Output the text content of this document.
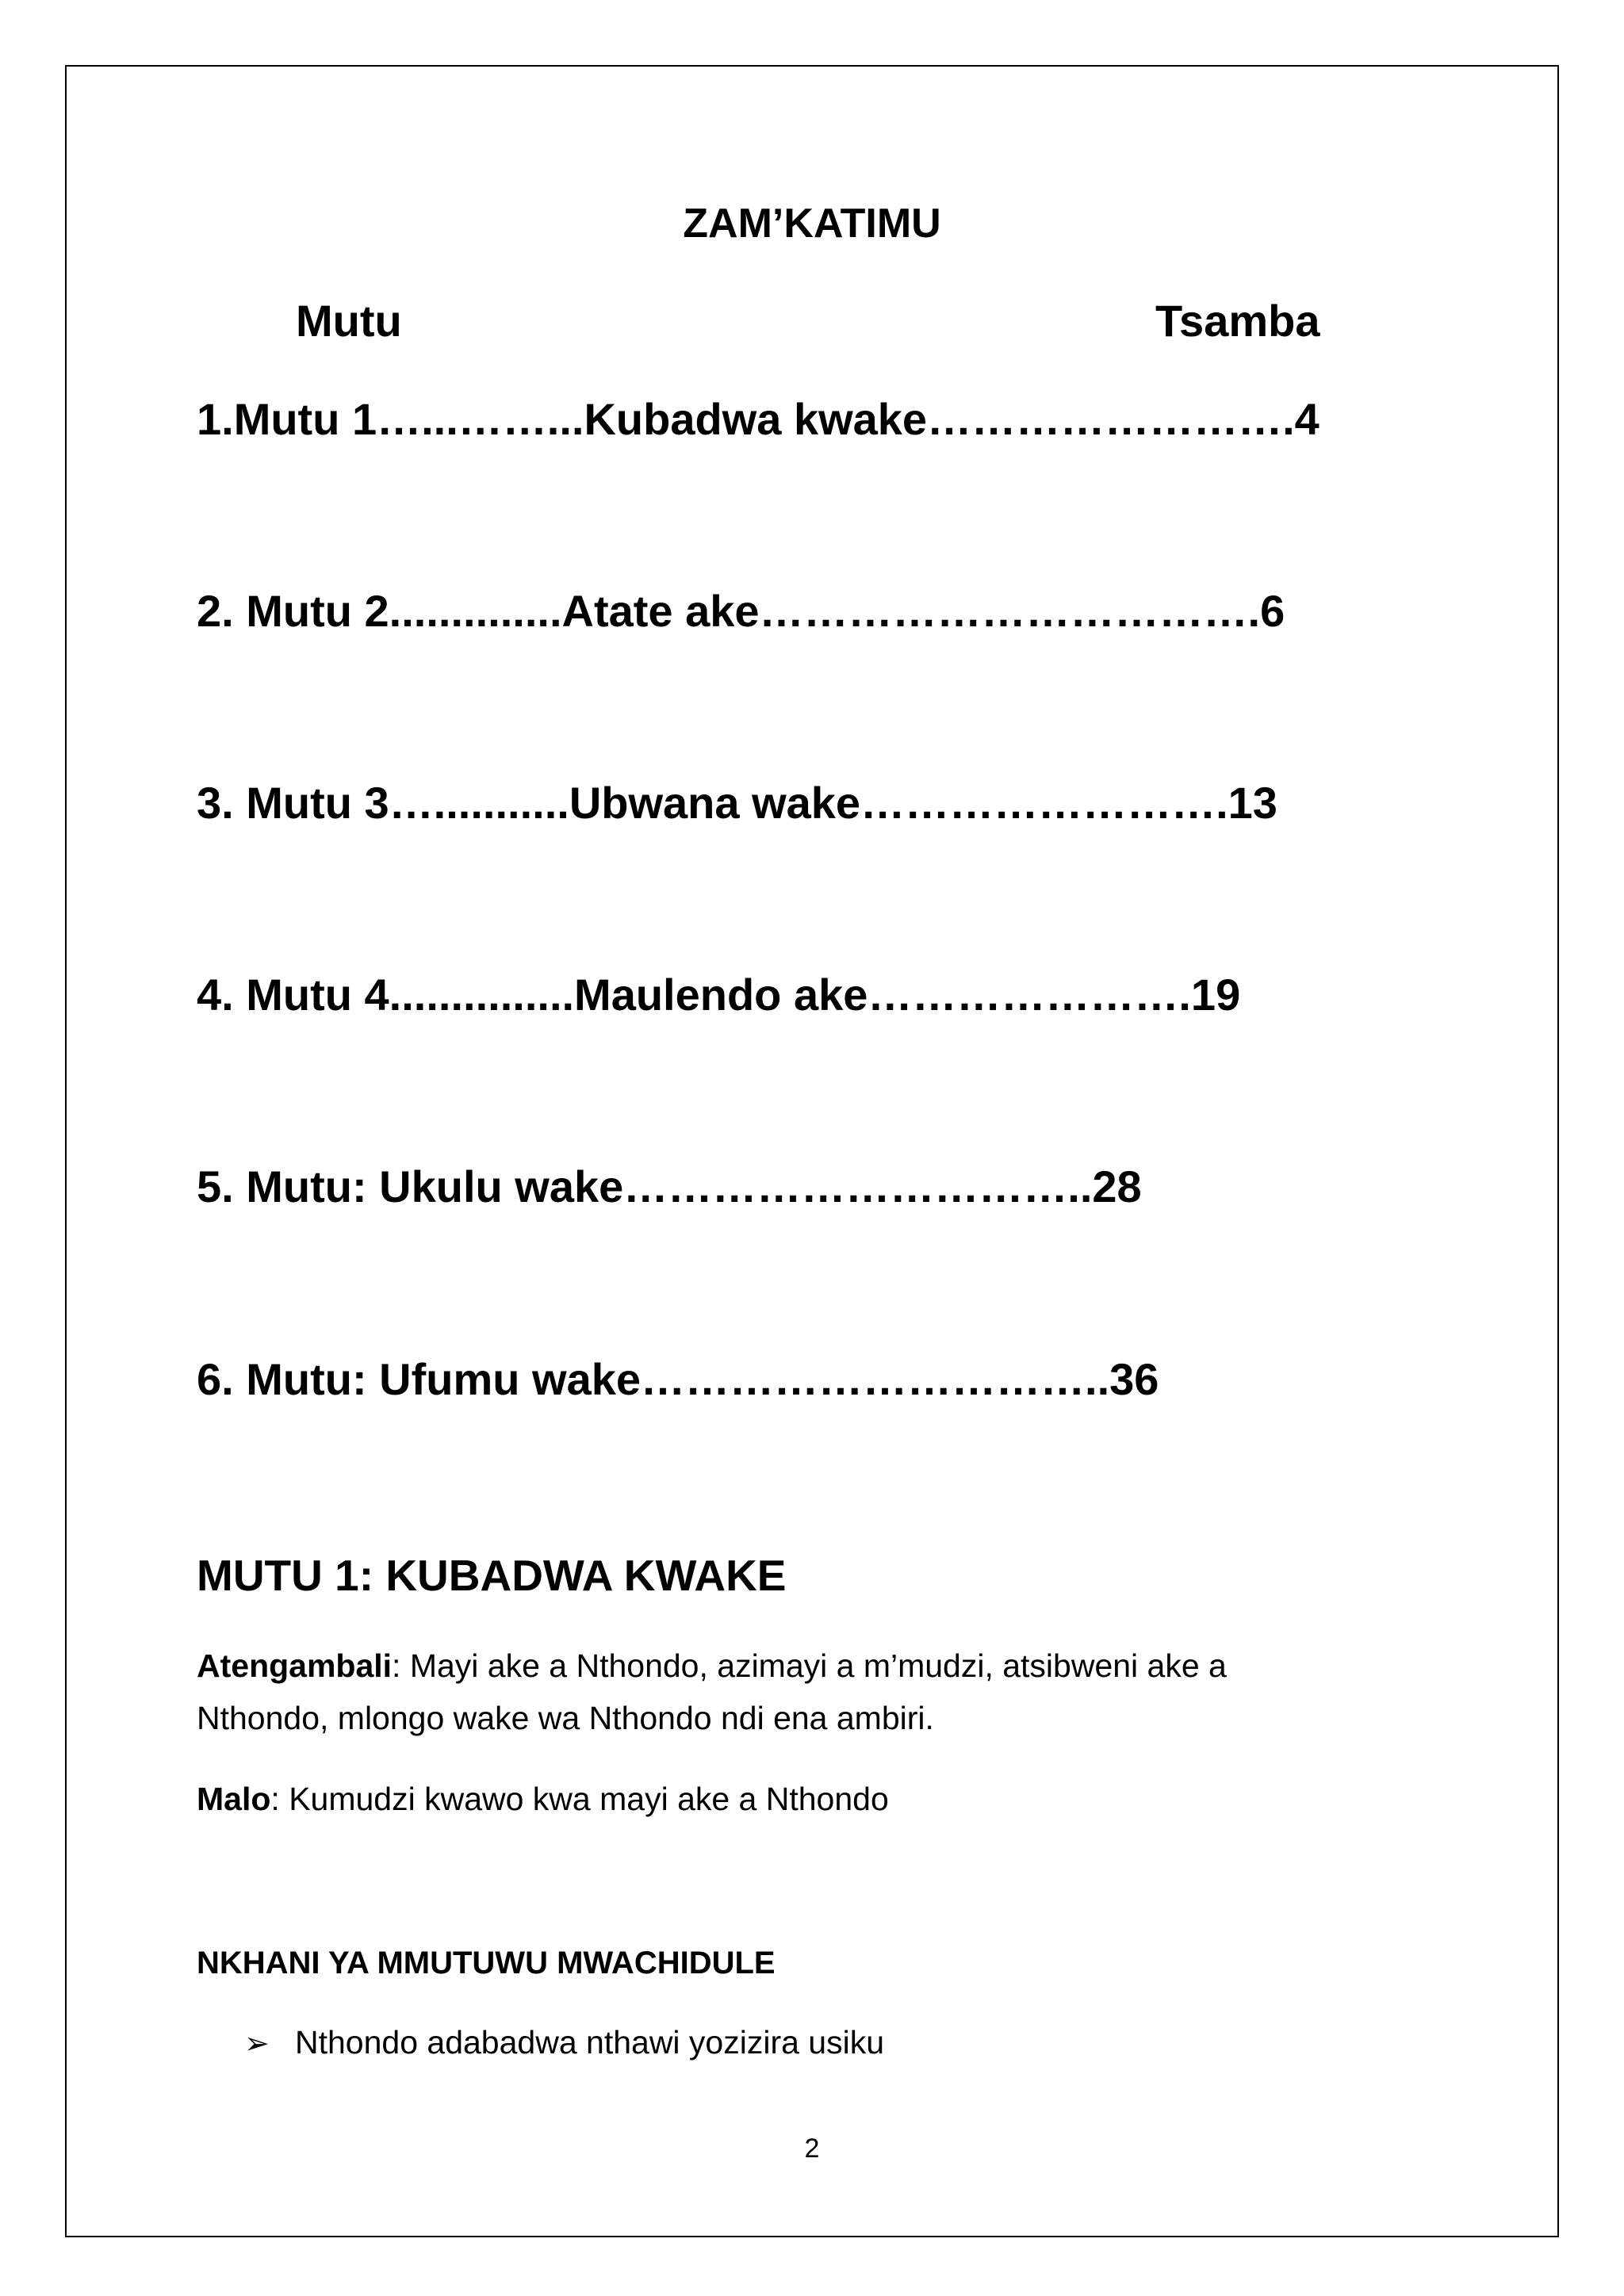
ZAM’KATIMU
Mutu	Tsamba
1.Mutu 1…...……...Kubadwa kwake…………………….4
2. Mutu 2..............Atate ake…………………………….6
3. Mutu 3…...........Ubwana wake…………………….13
4. Mutu 4...............Maulendo ake………………….19
5. Mutu: Ukulu wake…………………………..28
6. Mutu: Ufumu wake…………………………..36
MUTU 1: KUBADWA KWAKE
Atengambali: Mayi ake a Nthondo, azimayi a m’mudzi, atsibweni ake a
Nthondo, mlongo wake wa Nthondo ndi ena ambiri.
Malo: Kumudzi kwawo kwa mayi ake a Nthondo
NKHANI YA MMUTUWU MWACHIDULE
➢ Nthondo adabadwa nthawi yozizira usiku
2
